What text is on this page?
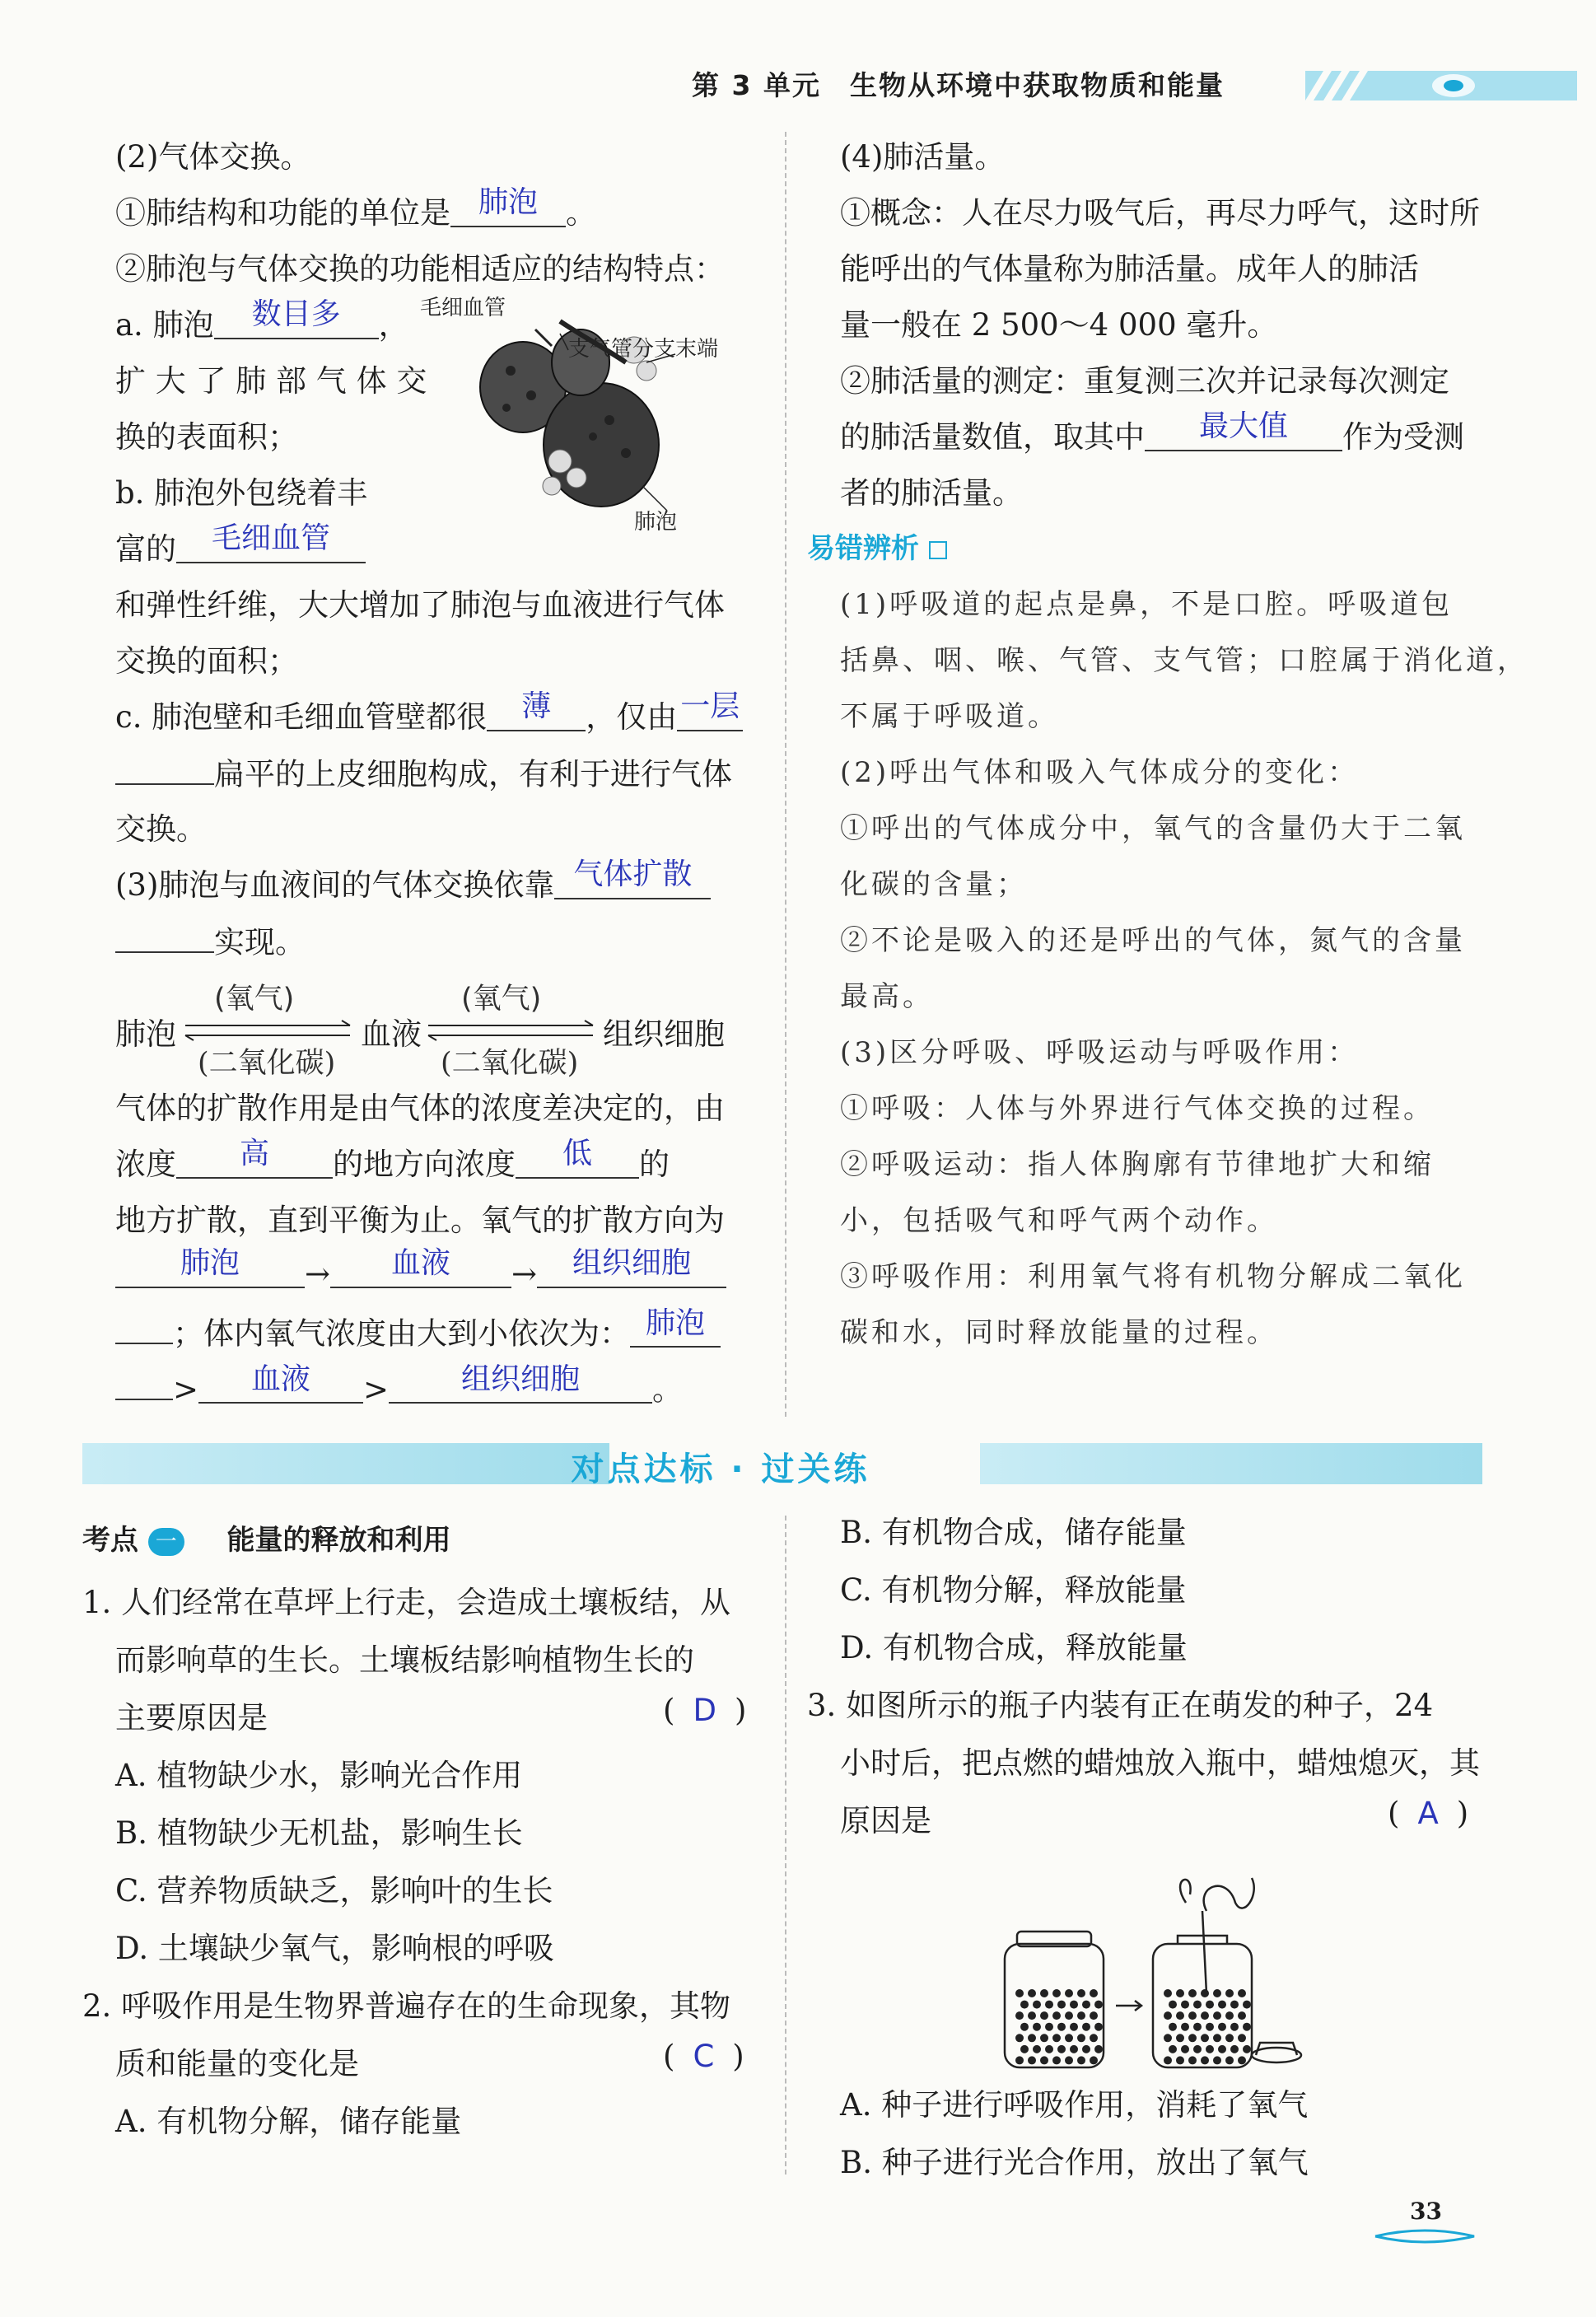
第 3 单元　生物从环境中获取物质和能量
(2)气体交换。
①肺结构和功能的单位是 肺泡 。
②肺泡与气体交换的功能相适应的结构特点：
a. 肺泡 数目多 ，
扩 大 了 肺 部 气 体 交
换的表面积；
b. 肺泡外包绕着丰
富的 毛细血管
和弹性纤维，大大增加了肺泡与血液进行气体
交换的面积；
c. 肺泡壁和毛细血管壁都很 薄 ，仅由 一层
扁平的上皮细胞构成，有利于进行气体
交换。
(3)肺泡与血液间的气体交换依靠 气体扩散
实现。
毛细血管
支气管分支末端
肺泡
肺泡
(氧气)
(二氧化碳)
血液
(氧气)
(二氧化碳)
组织细胞
气体的扩散作用是由气体的浓度差决定的，由
浓度 高 的地方向浓度 低 的
地方扩散，直到平衡为止。氧气的扩散方向为
肺泡 → 血液 → 组织细胞
；体内氧气浓度由大到小依次为： 肺泡
> 血液 > 组织细胞 。
(4)肺活量。
①概念：人在尽力吸气后，再尽力呼气，这时所
能呼出的气体量称为肺活量。成年人的肺活
量一般在 2 500～4 000 毫升。
②肺活量的测定：重复测三次并记录每次测定
的肺活量数值，取其中 最大值 作为受测
者的肺活量。
易错辨析
(1)呼吸道的起点是鼻，不是口腔。呼吸道包
括鼻、咽、喉、气管、支气管；口腔属于消化道，
不属于呼吸道。
(2)呼出气体和吸入气体成分的变化：
①呼出的气体成分中，氧气的含量仍大于二氧
化碳的含量；
②不论是吸入的还是呼出的气体，氮气的含量
最高。
(3)区分呼吸、呼吸运动与呼吸作用：
①呼吸：人体与外界进行气体交换的过程。
②呼吸运动：指人体胸廓有节律地扩大和缩
小，包括吸气和呼气两个动作。
③呼吸作用：利用氧气将有机物分解成二氧化
碳和水，同时释放能量的过程。
对点达标 · 过关练
考点 一 能量的释放和利用
1. 人们经常在草坪上行走，会造成土壤板结，从
而影响草的生长。土壤板结影响植物生长的
主要原因是	( D )
A. 植物缺少水，影响光合作用
B. 植物缺少无机盐，影响生长
C. 营养物质缺乏，影响叶的生长
D. 土壤缺少氧气，影响根的呼吸
2. 呼吸作用是生物界普遍存在的生命现象，其物
质和能量的变化是	( C )
A. 有机物分解，储存能量
B. 有机物合成，储存能量
C. 有机物分解，释放能量
D. 有机物合成，释放能量
3. 如图所示的瓶子内装有正在萌发的种子，24
小时后，把点燃的蜡烛放入瓶中，蜡烛熄灭，其
原因是	( A )
A. 种子进行呼吸作用，消耗了氧气
B. 种子进行光合作用，放出了氧气
33
